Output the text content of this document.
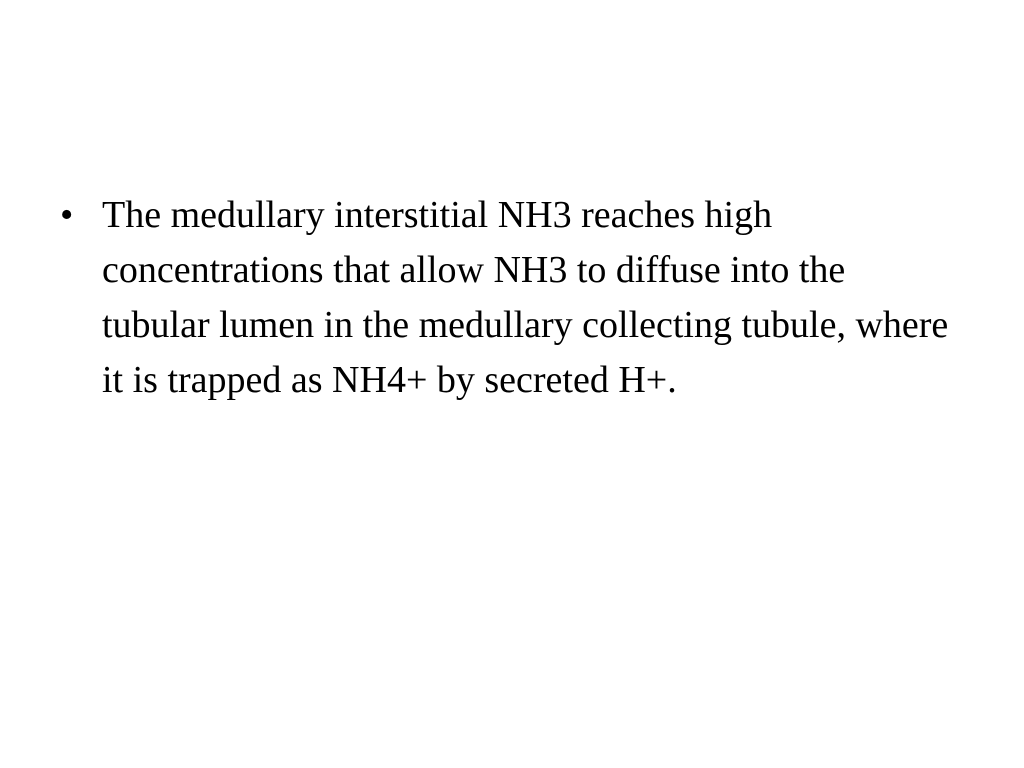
• The medullary interstitial NH3 reaches high concentrations that allow NH3 to diffuse into the tubular lumen in the medullary collecting tubule, where it is trapped as NH4+ by secreted H+.
